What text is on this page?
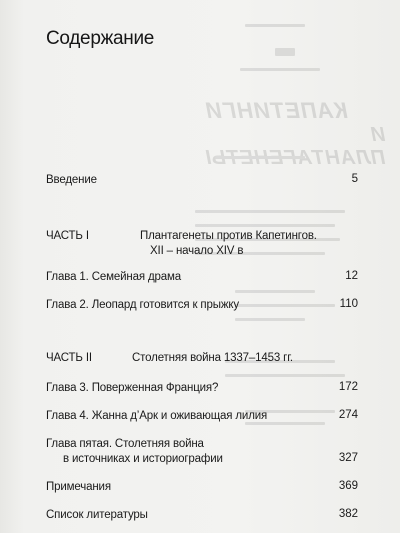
КАПЕТИНГИ
И ПЛАНТАГЕНЕТЫ
Содержание
Введение	5
ЧАСТЬ I	Плантагенеты против Капетингов.
XII – начало XIV в
Глава 1. Семейная драма	12
Глава 2. Леопард готовится к прыжку	110
ЧАСТЬ II	Столетняя война 1337–1453 гг.
Глава 3. Поверженная Франция?	172
Глава 4. Жанна д’Арк и оживающая лилия	274
Глава пятая. Столетняя война
в источниках и историографии	327
Примечания	369
Список литературы	382
